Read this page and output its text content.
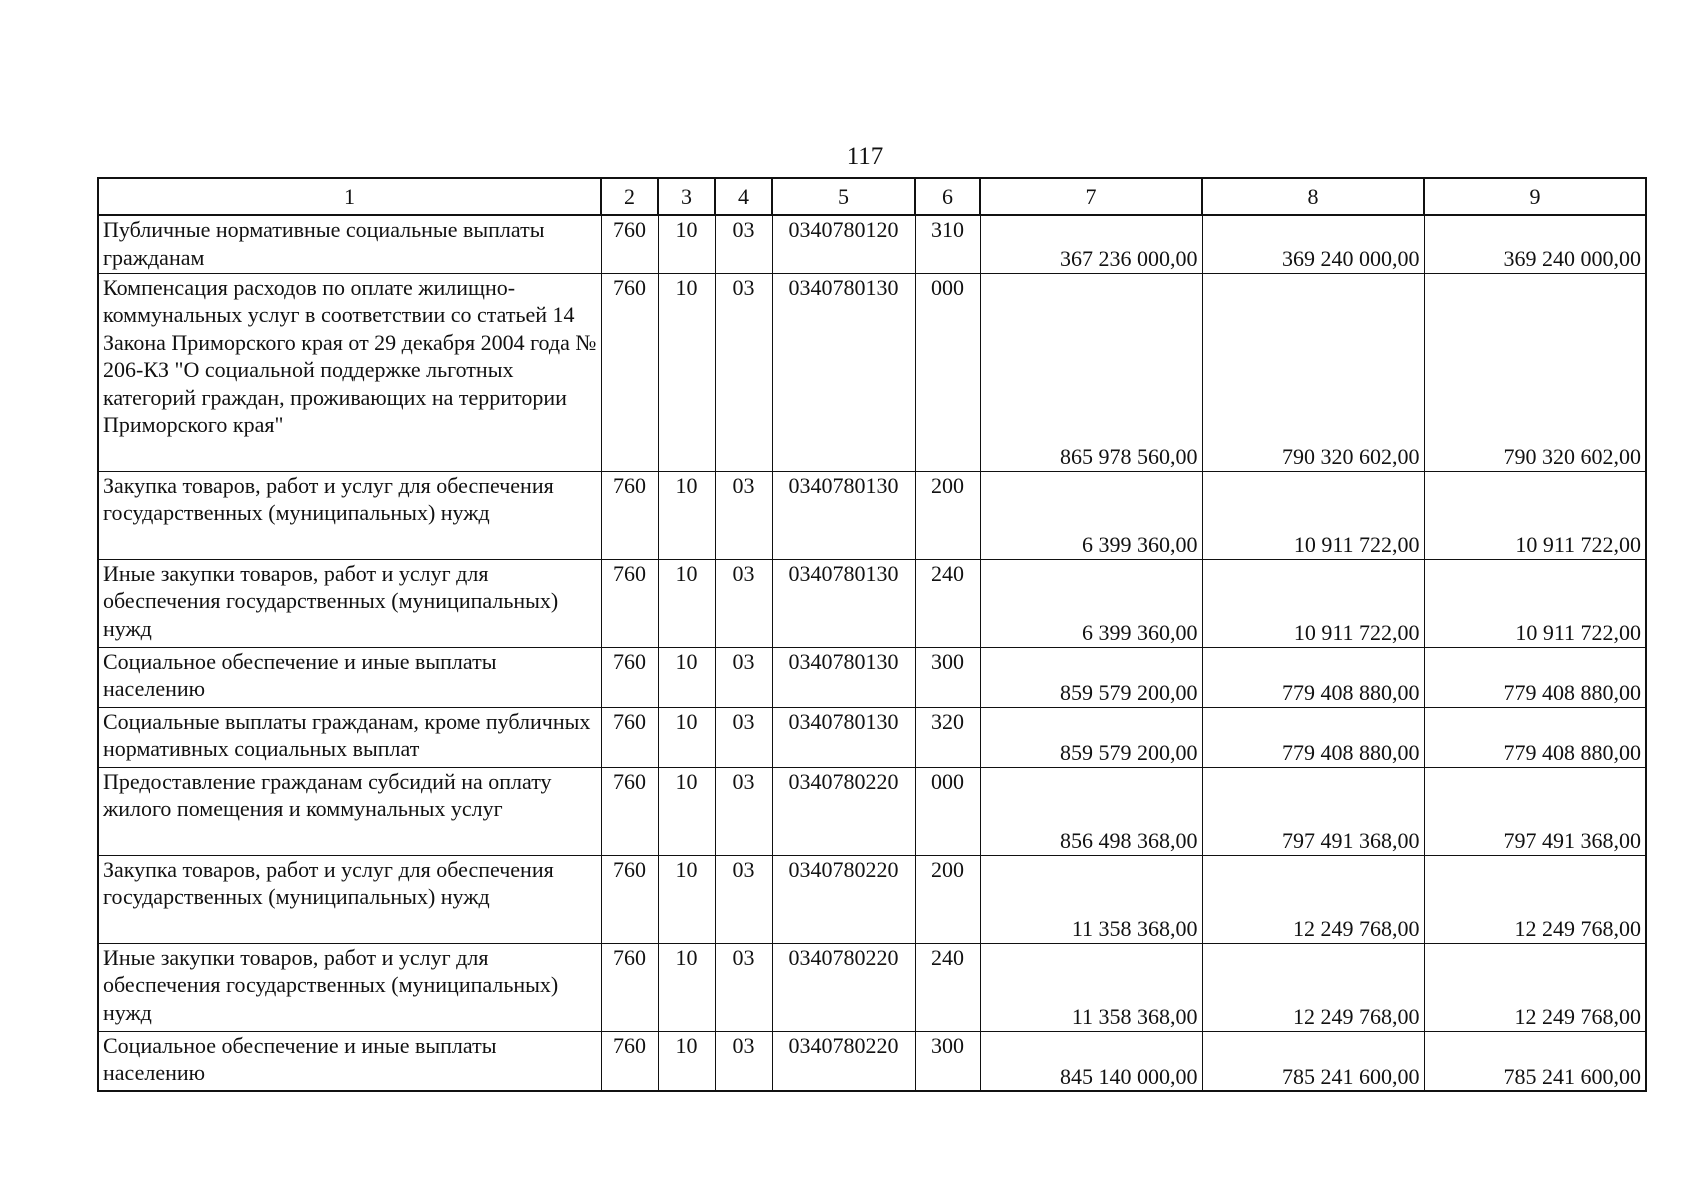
117
1	2	3	4	5	6	7	8	9
Публичные нормативные социальные выплаты гражданам	760	10	03	0340780120	310	367 236 000,00	369 240 000,00	369 240 000,00
Компенсация расходов по оплате жилищно-коммунальных услуг в соответствии со статьей 14 Закона Приморского края от 29 декабря 2004 года № 206-КЗ "О социальной поддержке льготных категорий граждан, проживающих на территории Приморского края"	760	10	03	0340780130	000	865 978 560,00	790 320 602,00	790 320 602,00
Закупка товаров, работ и услуг для обеспечения государственных (муниципальных) нужд	760	10	03	0340780130	200	6 399 360,00	10 911 722,00	10 911 722,00
Иные закупки товаров, работ и услуг для обеспечения государственных (муниципальных) нужд	760	10	03	0340780130	240	6 399 360,00	10 911 722,00	10 911 722,00
Социальное обеспечение и иные выплаты населению	760	10	03	0340780130	300	859 579 200,00	779 408 880,00	779 408 880,00
Социальные выплаты гражданам, кроме публичных нормативных социальных выплат	760	10	03	0340780130	320	859 579 200,00	779 408 880,00	779 408 880,00
Предоставление гражданам субсидий на оплату жилого помещения и коммунальных услуг	760	10	03	0340780220	000	856 498 368,00	797 491 368,00	797 491 368,00
Закупка товаров, работ и услуг для обеспечения государственных (муниципальных) нужд	760	10	03	0340780220	200	11 358 368,00	12 249 768,00	12 249 768,00
Иные закупки товаров, работ и услуг для обеспечения государственных (муниципальных) нужд	760	10	03	0340780220	240	11 358 368,00	12 249 768,00	12 249 768,00
Социальное обеспечение и иные выплаты населению	760	10	03	0340780220	300	845 140 000,00	785 241 600,00	785 241 600,00
